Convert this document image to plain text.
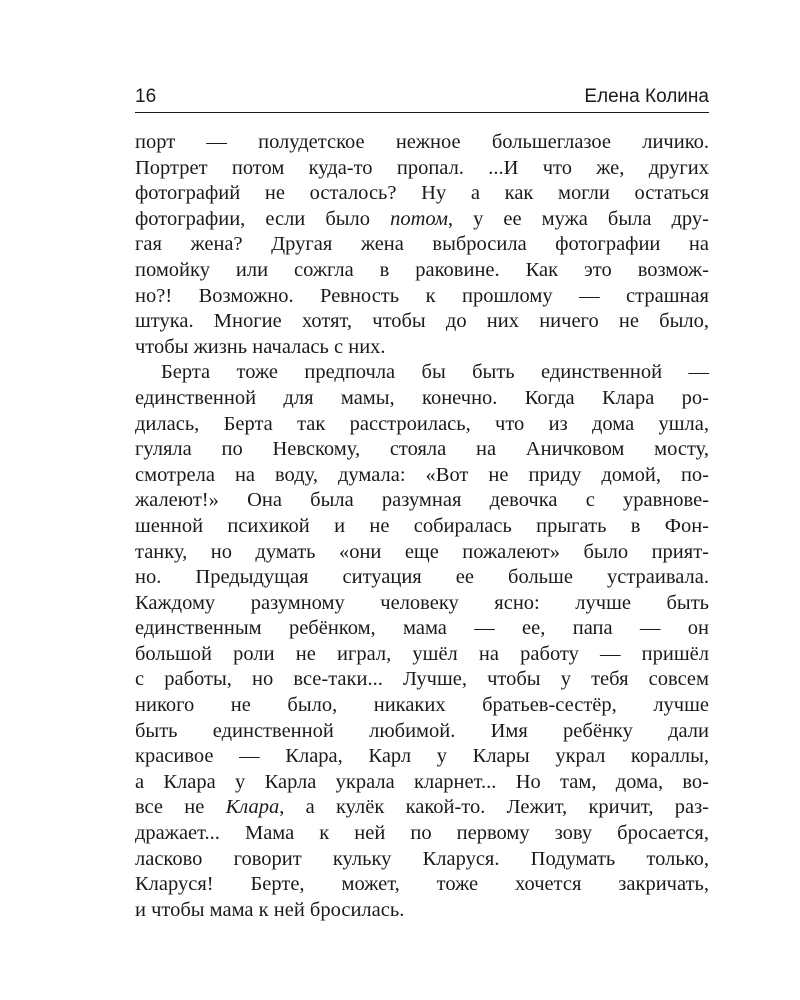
16	Елена Колина
порт — полудетское нежное большеглазое личико.
Портрет потом куда-то пропал. ...И что же, других
фотографий не осталось? Ну а как могли остаться
фотографии, если было потом, у ее мужа была дру-
гая жена? Другая жена выбросила фотографии на
помойку или сожгла в раковине. Как это возмож-
но?! Возможно. Ревность к прошлому — страшная
штука. Многие хотят, чтобы до них ничего не было,
чтобы жизнь началась с них.
Берта тоже предпочла бы быть единственной —
единственной для мамы, конечно. Когда Клара ро-
дилась, Берта так расстроилась, что из дома ушла,
гуляла по Невскому, стояла на Аничковом мосту,
смотрела на воду, думала: «Вот не приду домой, по-
жалеют!» Она была разумная девочка с уравнове-
шенной психикой и не собиралась прыгать в Фон-
танку, но думать «они еще пожалеют» было прият-
но. Предыдущая ситуация ее больше устраивала.
Каждому разумному человеку ясно: лучше быть
единственным ребёнком, мама — ее, папа — он
большой роли не играл, ушёл на работу — пришёл
с работы, но все-таки... Лучше, чтобы у тебя совсем
никого не было, никаких братьев-сестёр, лучше
быть единственной любимой. Имя ребёнку дали
красивое — Клара, Карл у Клары украл кораллы,
а Клара у Карла украла кларнет... Но там, дома, во-
все не Клара, а кулёк какой-то. Лежит, кричит, раз-
дражает... Мама к ней по первому зову бросается,
ласково говорит кульку Кларуся. Подумать только,
Кларуся! Берте, может, тоже хочется закричать,
и чтобы мама к ней бросилась.
